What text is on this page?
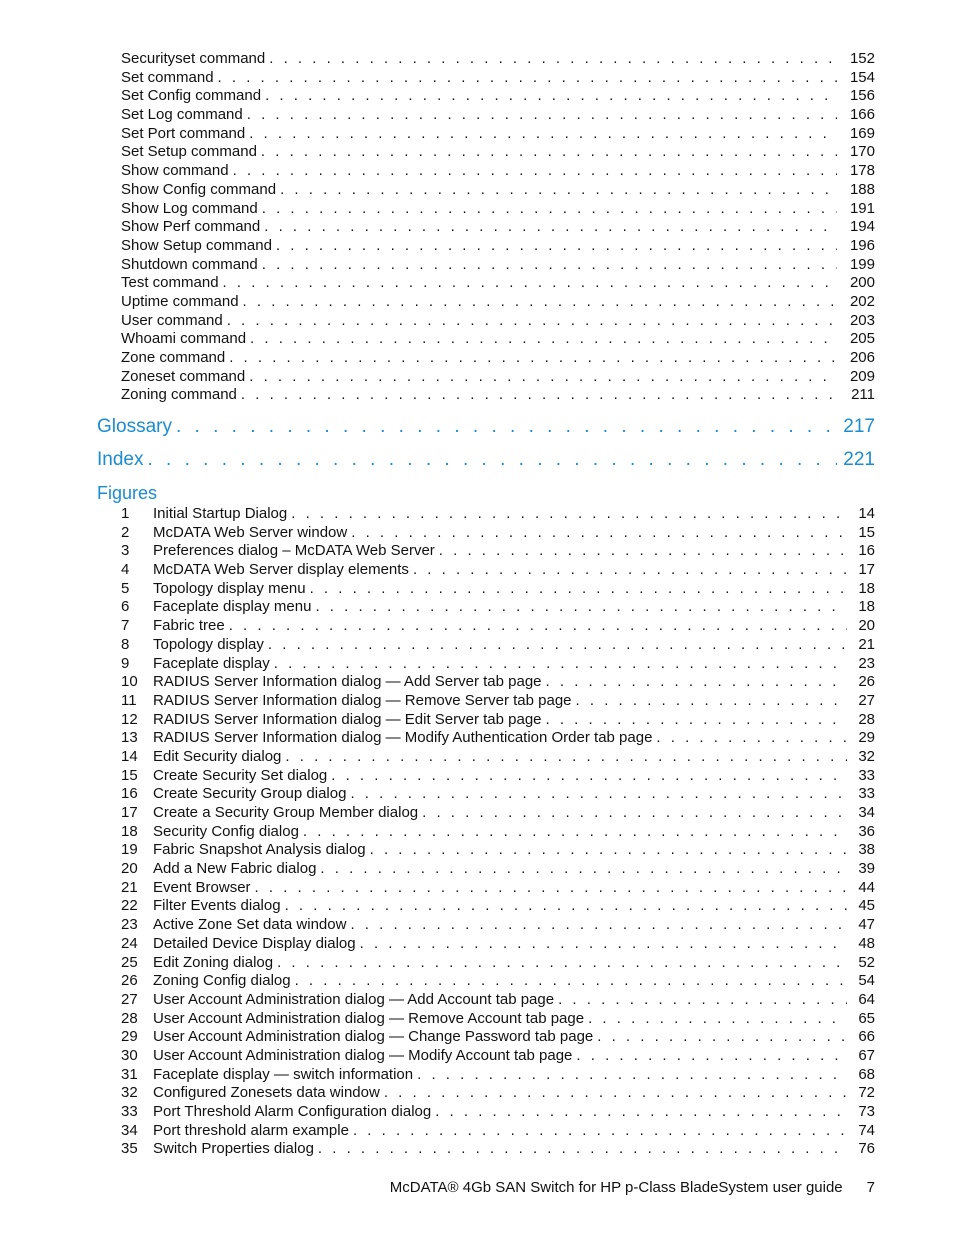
Securityset command . . .	152
Set command . . .	154
Set Config command . . .	156
Set Log command . . .	166
Set Port command . . .	169
Set Setup command . . .	170
Show command . . .	178
Show Config command . . .	188
Show Log command . . .	191
Show Perf command . . .	194
Show Setup command . . .	196
Shutdown command . . .	199
Test command . . .	200
Uptime command . . .	202
User command . . .	203
Whoami command . . .	205
Zone command . . .	206
Zoneset command . . .	209
Zoning command . . .	211
Glossary . . .	217
Index . . .	221
Figures
1	Initial Startup Dialog . . .	14
2	McDATA Web Server window . . .	15
3	Preferences dialog – McDATA Web Server . . .	16
4	McDATA Web Server display elements . . .	17
5	Topology display menu . . .	18
6	Faceplate display menu . . .	18
7	Fabric tree . . .	20
8	Topology display . . .	21
9	Faceplate display . . .	23
10	RADIUS Server Information dialog — Add Server tab page . . .	26
11	RADIUS Server Information dialog — Remove Server tab page . . .	27
12	RADIUS Server Information dialog — Edit Server tab page . . .	28
13	RADIUS Server Information dialog — Modify Authentication Order tab page . . .	29
14	Edit Security dialog . . .	32
15	Create Security Set dialog . . .	33
16	Create Security Group dialog . . .	33
17	Create a Security Group Member dialog . . .	34
18	Security Config dialog . . .	36
19	Fabric Snapshot Analysis dialog . . .	38
20	Add a New Fabric dialog . . .	39
21	Event Browser . . .	44
22	Filter Events dialog . . .	45
23	Active Zone Set data window . . .	47
24	Detailed Device Display dialog . . .	48
25	Edit Zoning dialog . . .	52
26	Zoning Config dialog . . .	54
27	User Account Administration dialog — Add Account tab page . . .	64
28	User Account Administration dialog — Remove Account tab page . . .	65
29	User Account Administration dialog — Change Password tab page . . .	66
30	User Account Administration dialog — Modify Account tab page . . .	67
31	Faceplate display — switch information . . .	68
32	Configured Zonesets data window . . .	72
33	Port Threshold Alarm Configuration dialog . . .	73
34	Port threshold alarm example . . .	74
35	Switch Properties dialog . . .	76
McDATA® 4Gb SAN Switch for HP p-Class BladeSystem user guide 7
